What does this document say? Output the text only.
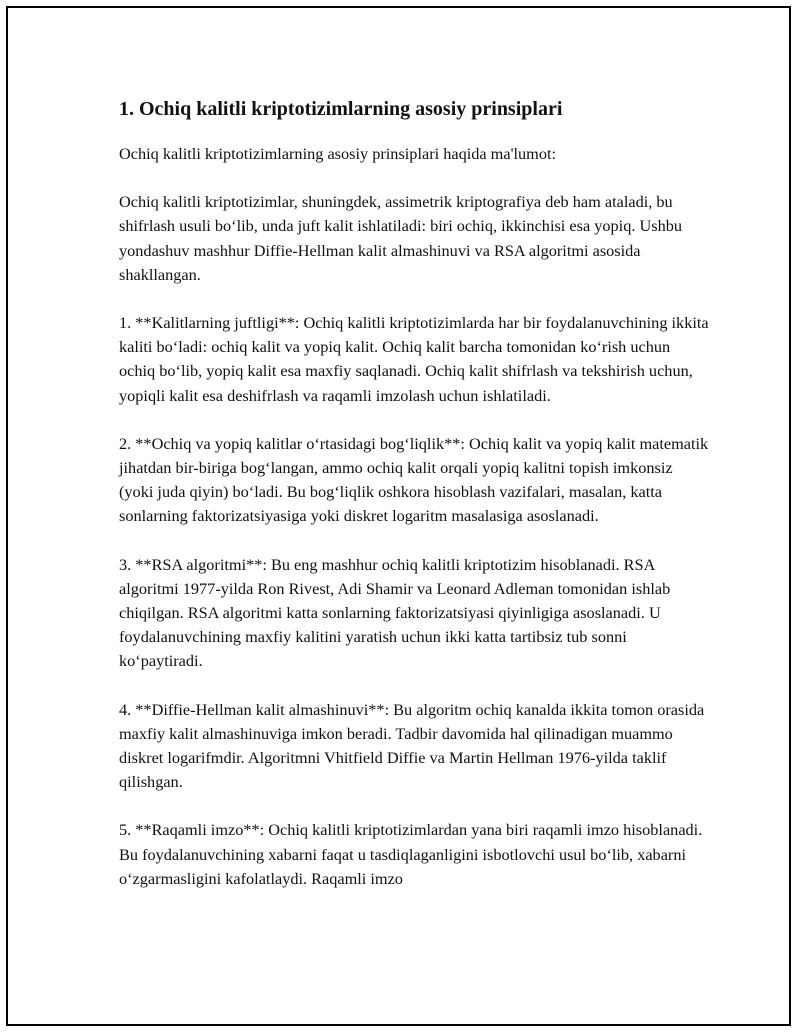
1. Ochiq kalitli kriptotizimlarning asosiy prinsiplari

Ochiq kalitli kriptotizimlarning asosiy prinsiplari haqida ma'lumot:

Ochiq kalitli kriptotizimlar, shuningdek, assimetrik kriptografiya deb ham ataladi, bu shifrlash usuli bo‘lib, unda juft kalit ishlatiladi: biri ochiq, ikkinchisi esa yopiq. Ushbu yondashuv mashhur Diffie-Hellman kalit almashinuvi va RSA algoritmi asosida shakllangan.

1. **Kalitlarning juftligi**: Ochiq kalitli kriptotizimlarda har bir foydalanuvchining ikkita kaliti bo‘ladi: ochiq kalit va yopiq kalit. Ochiq kalit barcha tomonidan ko‘rish uchun ochiq bo‘lib, yopiq kalit esa maxfiy saqlanadi. Ochiq kalit shifrlash va tekshirish uchun, yopiqli kalit esa deshifrlash va raqamli imzolash uchun ishlatiladi.

2. **Ochiq va yopiq kalitlar o‘rtasidagi bog‘liqlik**: Ochiq kalit va yopiq kalit matematik jihatdan bir-biriga bog‘langan, ammo ochiq kalit orqali yopiq kalitni topish imkonsiz (yoki juda qiyin) bo‘ladi. Bu bog‘liqlik oshkora hisoblash vazifalari, masalan, katta sonlarning faktorizatsiyasiga yoki diskret logaritm masalasiga asoslanadi.

3. **RSA algoritmi**: Bu eng mashhur ochiq kalitli kriptotizim hisoblanadi. RSA algoritmi 1977-yilda Ron Rivest, Adi Shamir va Leonard Adleman tomonidan ishlab chiqilgan. RSA algoritmi katta sonlarning faktorizatsiyasi qiyinligiga asoslanadi. U foydalanuvchining maxfiy kalitini yaratish uchun ikki katta tartibsiz tub sonni ko‘paytiradi.

4. **Diffie-Hellman kalit almashinuvi**: Bu algoritm ochiq kanalda ikkita tomon orasida maxfiy kalit almashinuviga imkon beradi. Tadbir davomida hal qilinadigan muammo diskret logarifmdir. Algoritmni Vhitfield Diffie va Martin Hellman 1976-yilda taklif qilishgan.

5. **Raqamli imzo**: Ochiq kalitli kriptotizimlardan yana biri raqamli imzo hisoblanadi. Bu foydalanuvchining xabarni faqat u tasdiqlaganligini isbotlovchi usul bo‘lib, xabarni o‘zgarmasligini kafolatlaydi. Raqamli imzo
